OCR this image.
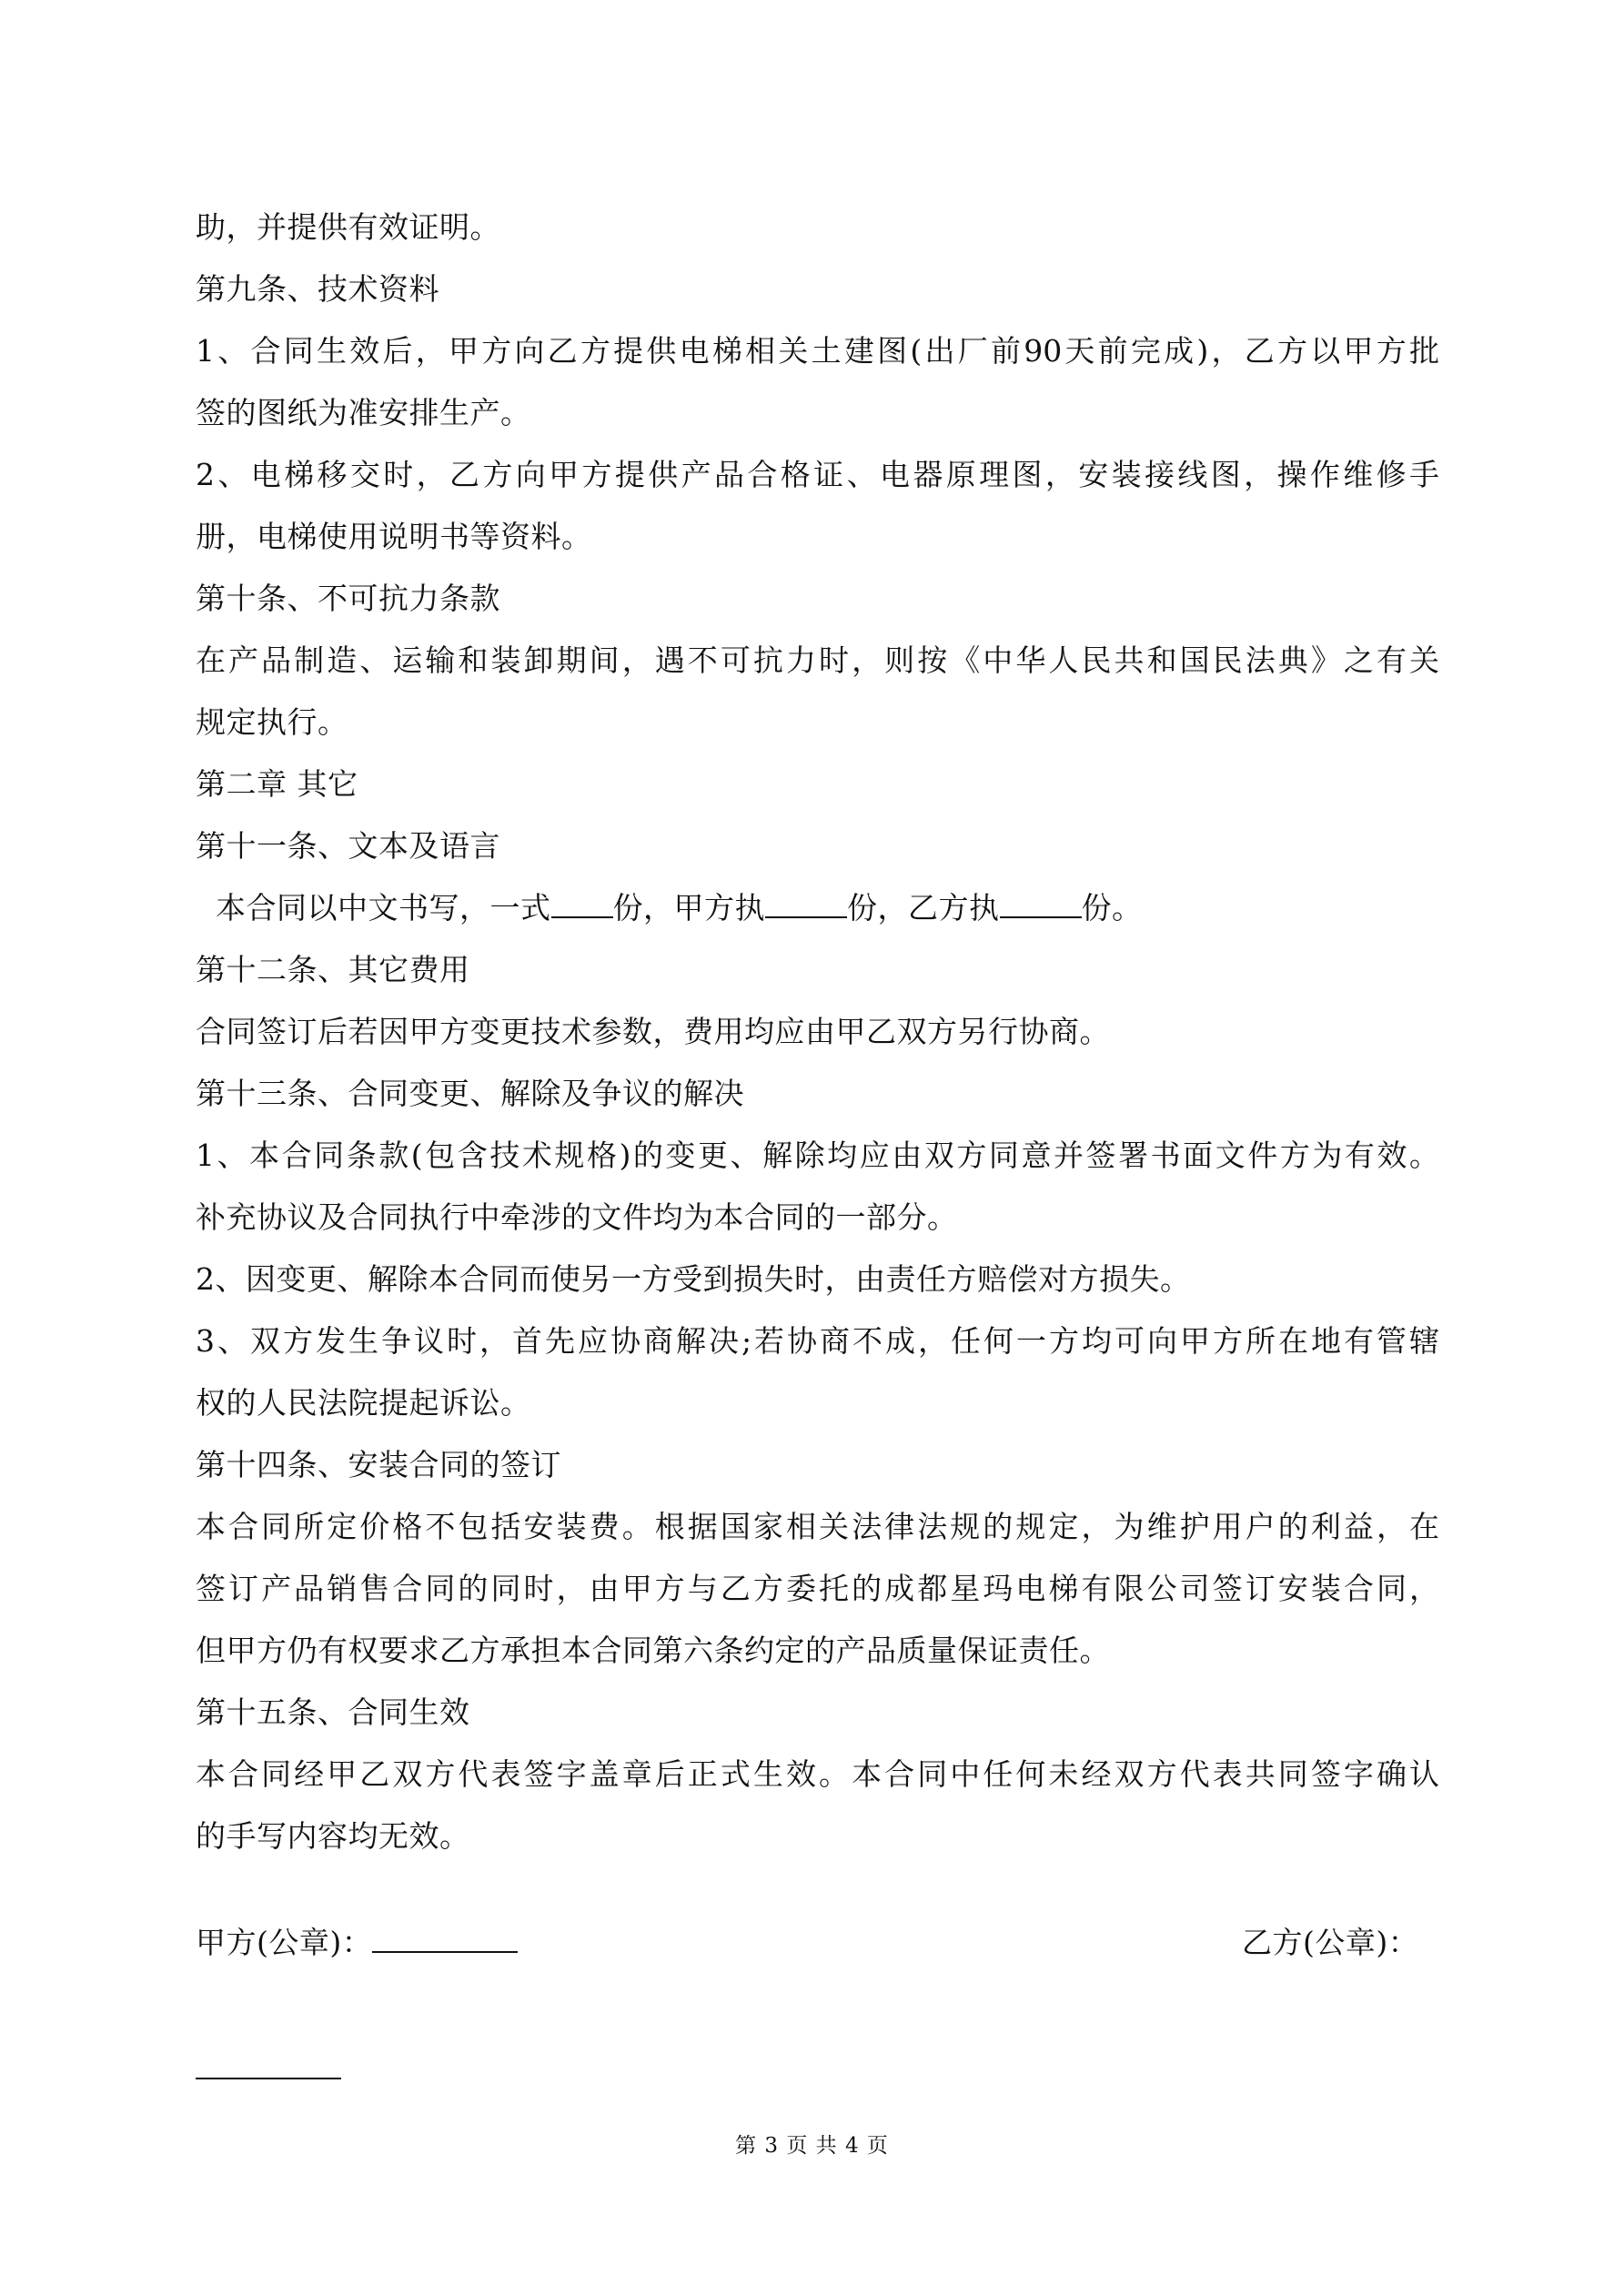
助，并提供有效证明。
第九条、技术资料
1、合同生效后，甲方向乙方提供电梯相关土建图(出厂前90天前完成)，乙方以甲方批
签的图纸为准安排生产。
2、电梯移交时，乙方向甲方提供产品合格证、电器原理图，安装接线图，操作维修手
册，电梯使用说明书等资料。
第十条、不可抗力条款
在产品制造、运输和装卸期间，遇不可抗力时，则按《中华人民共和国民法典》之有关
规定执行。
第二章 其它
第十一条、文本及语言
本合同以中文书写，一式 份，甲方执	份，乙方执	份。
第十二条、其它费用
合同签订后若因甲方变更技术参数，费用均应由甲乙双方另行协商。
第十三条、合同变更、解除及争议的解决
1、本合同条款(包含技术规格)的变更、解除均应由双方同意并签署书面文件方为有效。
补充协议及合同执行中牵涉的文件均为本合同的一部分。
2、因变更、解除本合同而使另一方受到损失时，由责任方赔偿对方损失。
3、双方发生争议时，首先应协商解决;若协商不成，任何一方均可向甲方所在地有管辖
权的人民法院提起诉讼。
第十四条、安装合同的签订
本合同所定价格不包括安装费。根据国家相关法律法规的规定，为维护用户的利益，在
签订产品销售合同的同时，由甲方与乙方委托的成都星玛电梯有限公司签订安装合同，
但甲方仍有权要求乙方承担本合同第六条约定的产品质量保证责任。
第十五条、合同生效
本合同经甲乙双方代表签字盖章后正式生效。本合同中任何未经双方代表共同签字确认
的手写内容均无效。
甲方(公章)：	乙方(公章)：
第 3 页 共 4 页
